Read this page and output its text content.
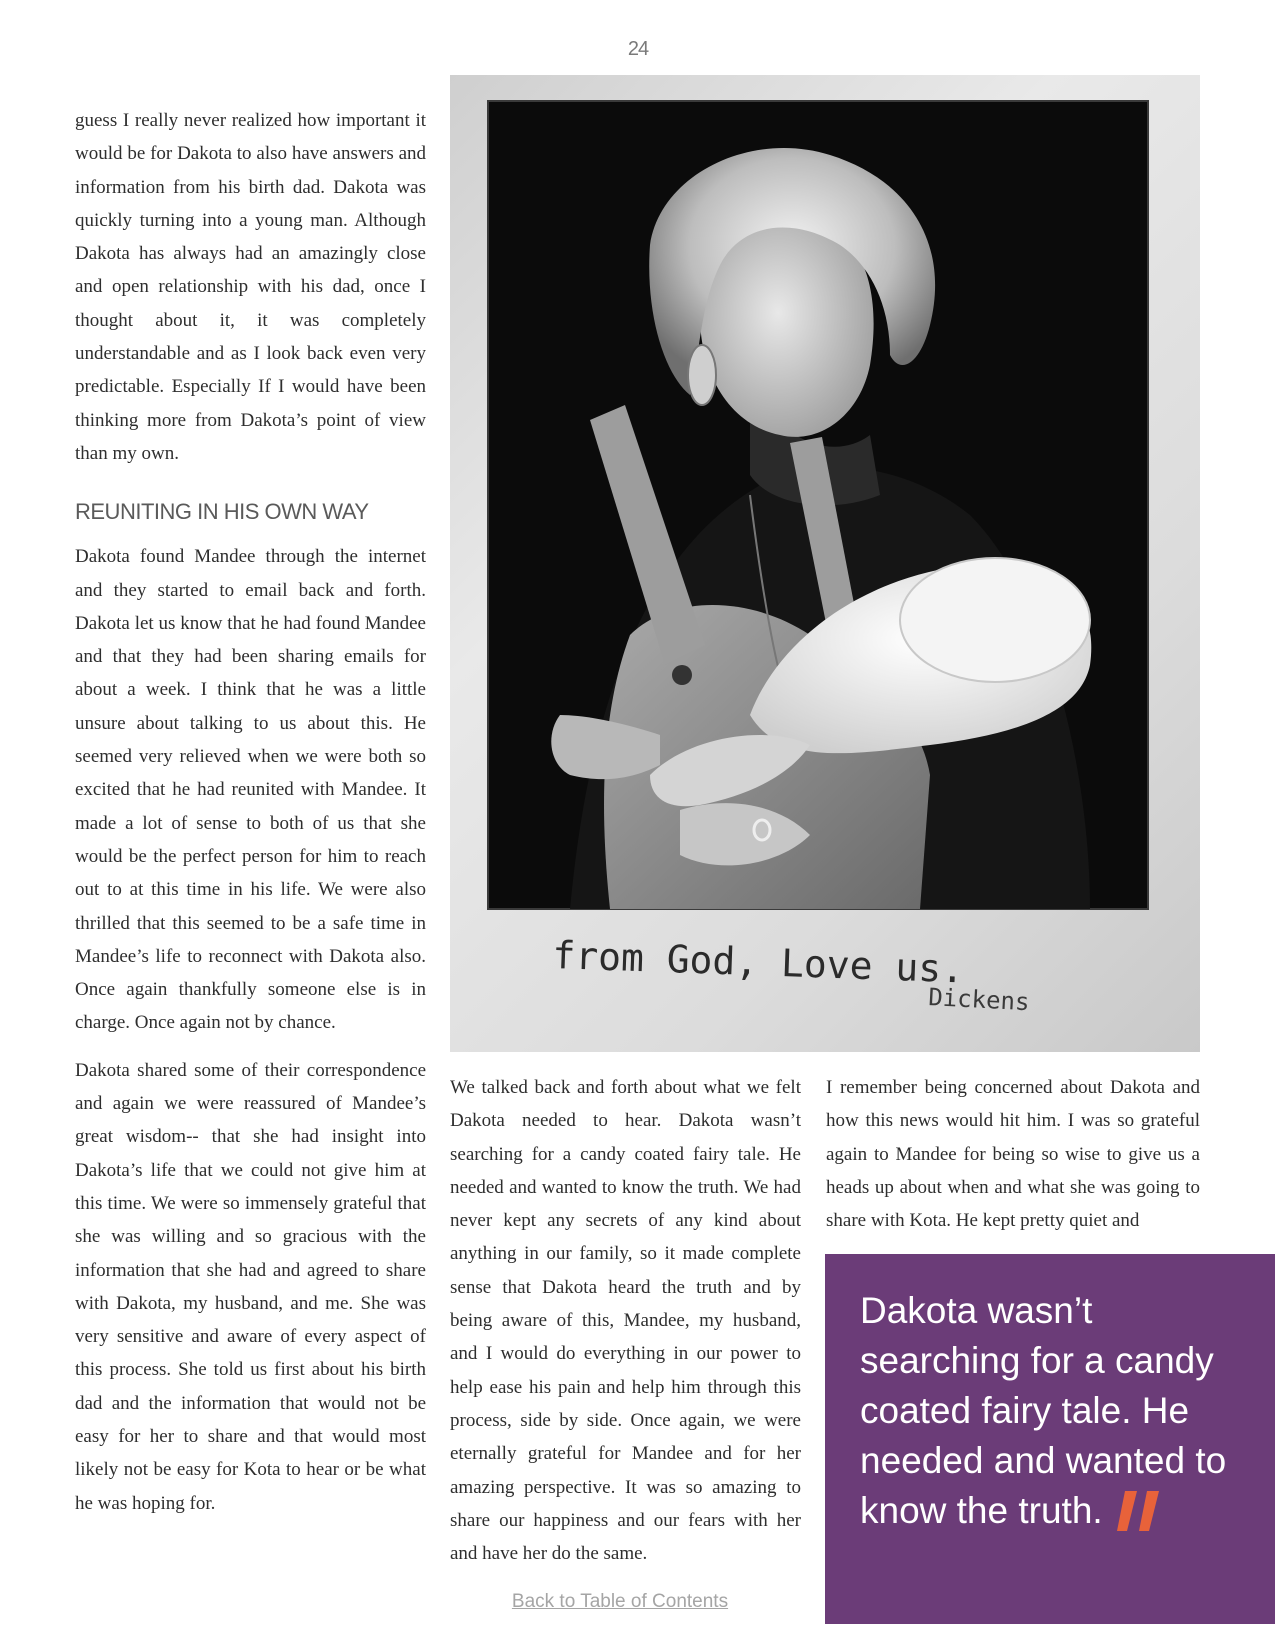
24

guess I really never realized how important it would be for Dakota to also have answers and information from his birth dad. Dakota was quickly turning into a young man. Although Dakota has always had an amazingly close and open relationship with his dad, once I thought about it, it was completely understandable and as I look back even very predictable. Especially If I would have been thinking more from Dakota’s point of view than my own.

REUNITING IN HIS OWN WAY

Dakota found Mandee through the internet and they started to email back and forth. Dakota let us know that he had found Mandee and that they had been sharing emails for about a week. I think that he was a little unsure about talking to us about this. He seemed very relieved when we were both so excited that he had reunited with Mandee. It made a lot of sense to both of us that she would be the perfect person for him to reach out to at this time in his life. We were also thrilled that this seemed to be a safe time in Mandee’s life to reconnect with Dakota also. Once again thankfully someone else is in charge. Once again not by chance.

Dakota shared some of their correspondence and again we were reassured of Mandee’s great wisdom-- that she had insight into Dakota’s life that we could not give him at this time. We were so immensely grateful that she was willing and so gracious with the information that she had and agreed to share with Dakota, my husband, and me. She was very sensitive and aware of every aspect of this process. She told us first about his birth dad and the information that would not be easy for her to share and that would most likely not be easy for Kota to hear or be what he was hoping for.

from God, Love us.
Dickens

We talked back and forth about what we felt Dakota needed to hear. Dakota wasn’t searching for a candy coated fairy tale. He needed and wanted to know the truth. We had never kept any secrets of any kind about anything in our family, so it made complete sense that Dakota heard the truth and by being aware of this, Mandee, my husband, and I would do everything in our power to help ease his pain and help him through this process, side by side. Once again, we were eternally grateful for Mandee and for her amazing perspective. It was so amazing to share our happiness and our fears with her and have her do the same.

I remember being concerned about Dakota and how this news would hit him. I was so grateful again to Mandee for being so wise to give us a heads up about when and what she was going to share with Kota. He kept pretty quiet and

Dakota wasn’t searching for a candy coated fairy tale. He needed and wanted to know the truth.
Back to Table of Contents
